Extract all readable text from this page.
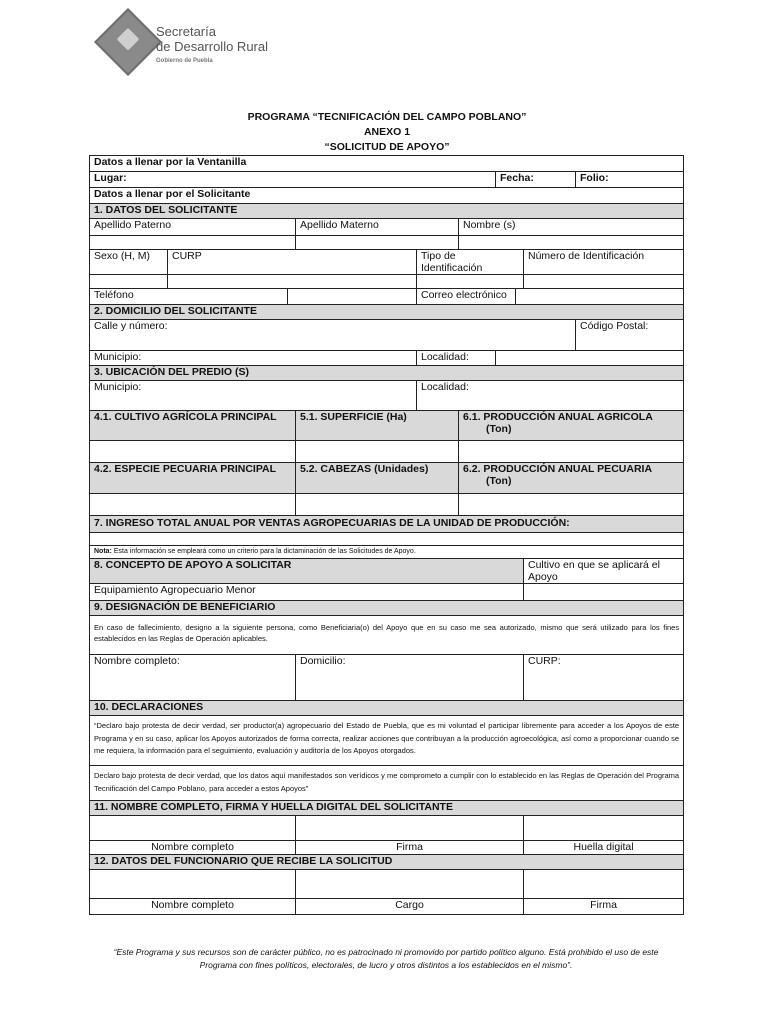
Secretaría
de Desarrollo Rural
Gobierno de Puebla
PROGRAMA “TECNIFICACIÓN DEL CAMPO POBLANO”
ANEXO 1
“SOLICITUD DE APOYO”
Datos a llenar por la Ventanilla									
Lugar:						Fecha:			Folio:
Datos a llenar por el Solicitante									
1. DATOS DEL SOLICITANTE									
Apellido Paterno			Apellido Materno		Nombre (s)				

Sexo (H, M)	CURP			Tipo de Identificación				Número de Identificación	

Teléfono				Correo electrónico					
2. DOMICILIO DEL SOLICITANTE									
Calle y número:									Código Postal:
Municipio:				Localidad:					
3. UBICACIÓN DEL PREDIO (S)									
Municipio:				Localidad:					
4.1. CULTIVO AGRÍCOLA PRINCIPAL			5.1. SUPERFICIE (Ha)		6.1. PRODUCCIÓN ANUAL AGRICOLA (Ton)				

4.2. ESPECIE PECUARIA PRINCIPAL			5.2. CABEZAS (Unidades)		6.2. PRODUCCIÓN ANUAL PECUARIA (Ton)				

7. INGRESO TOTAL ANUAL POR VENTAS AGROPECUARIAS DE LA UNIDAD DE PRODUCCIÓN:									

Nota: Esta información se empleará como un criterio para la dictaminación de las Solicitudes de Apoyo.									
8. CONCEPTO DE APOYO A SOLICITAR								Cultivo en que se aplicará el Apoyo	
Equipamiento Agropecuario Menor									
9. DESIGNACIÓN DE BENEFICIARIO									
En caso de fallecimiento, designo a la siguiente persona, como Beneficiaria(o) del Apoyo que en su caso me sea autorizado, mismo que será utilizado para los fines establecidos en las Reglas de Operación aplicables.									
Nombre completo:			Domicilio:					CURP:	
10. DECLARACIONES									
“Declaro bajo protesta de decir verdad, ser productor(a) agropecuario del Estado de Puebla, que es mi voluntad el participar libremente para acceder a los Apoyos de este Programa y en su caso, aplicar los Apoyos autorizados de forma correcta, realizar acciones que contribuyan a la producción agroecológica, así como a proporcionar cuando se me requiera, la información para el seguimiento, evaluación y auditoría de los Apoyos otorgados.									
Declaro bajo protesta de decir verdad, que los datos aquí manifestados son verídicos y me comprometo a cumplir con lo establecido en las Reglas de Operación del Programa Tecnificación del Campo Poblano, para acceder a estos Apoyos”									
11. NOMBRE COMPLETO, FIRMA Y HUELLA DIGITAL DEL SOLICITANTE									

Nombre completo			Firma					Huella digital	
12. DATOS DEL FUNCIONARIO QUE RECIBE LA SOLICITUD									

Nombre completo			Cargo					Firma	
“Este Programa y sus recursos son de carácter público, no es patrocinado ni promovido por partido político alguno. Está prohibido el uso de este
Programa con fines políticos, electorales, de lucro y otros distintos a los establecidos en el mismo”.
